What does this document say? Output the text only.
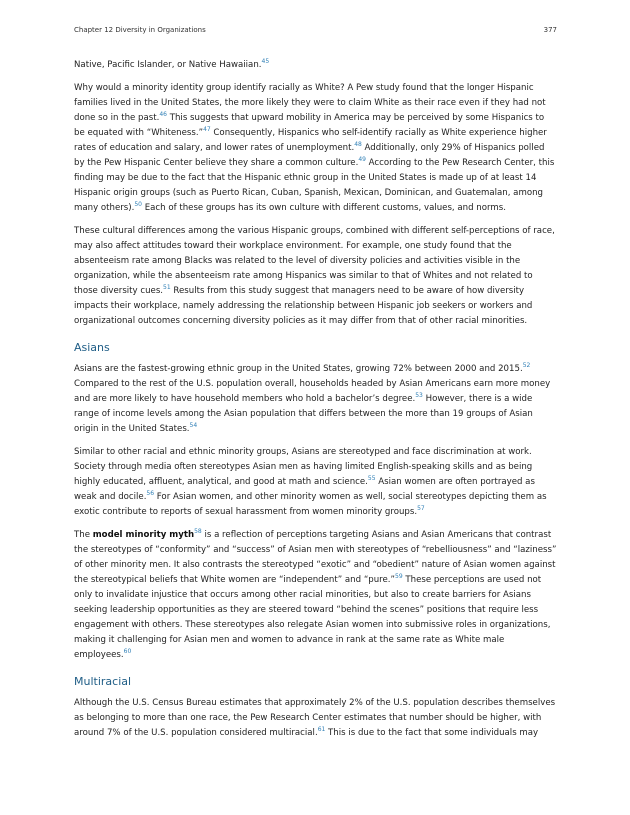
Chapter 12 Diversity in Organizations	377

Native, Pacific Islander, or Native Hawaiian.$^{45}$

Why would a minority identity group identify racially as White? A Pew study found that the longer Hispanic families lived in the United States, the more likely they were to claim White as their race even if they had not done so in the past.$^{46}$ This suggests that upward mobility in America may be perceived by some Hispanics to be equated with “Whiteness.”$^{47}$ Consequently, Hispanics who self-identify racially as White experience higher rates of education and salary, and lower rates of unemployment.$^{48}$ Additionally, only 29% of Hispanics polled by the Pew Hispanic Center believe they share a common culture.$^{49}$ According to the Pew Research Center, this finding may be due to the fact that the Hispanic ethnic group in the United States is made up of at least 14 Hispanic origin groups (such as Puerto Rican, Cuban, Spanish, Mexican, Dominican, and Guatemalan, among many others).$^{50}$ Each of these groups has its own culture with different customs, values, and norms.

These cultural differences among the various Hispanic groups, combined with different self-perceptions of race, may also affect attitudes toward their workplace environment. For example, one study found that the absenteeism rate among Blacks was related to the level of diversity policies and activities visible in the organization, while the absenteeism rate among Hispanics was similar to that of Whites and not related to those diversity cues.$^{51}$ Results from this study suggest that managers need to be aware of how diversity impacts their workplace, namely addressing the relationship between Hispanic job seekers or workers and organizational outcomes concerning diversity policies as it may differ from that of other racial minorities.

Asians

Asians are the fastest-growing ethnic group in the United States, growing 72% between 2000 and 2015.52 Compared to the rest of the U.S. population overall, households headed by Asian Americans earn more money and are more likely to have household members who hold a bachelor’s degree.$^{53}$ However, there is a wide range of income levels among the Asian population that differs between the more than 19 groups of Asian origin in the United States.$^{54}$

Similar to other racial and ethnic minority groups, Asians are stereotyped and face discrimination at work. Society through media often stereotypes Asian men as having limited English-speaking skills and as being highly educated, affluent, analytical, and good at math and science.$^{55}$ Asian women are often portrayed as weak and docile.$^{56}$ For Asian women, and other minority women as well, social stereotypes depicting them as exotic contribute to reports of sexual harassment from women minority groups.$^{57}$

The model minority myth$^{58}$ is a reflection of perceptions targeting Asians and Asian Americans that contrast the stereotypes of “conformity” and “success” of Asian men with stereotypes of “rebelliousness” and “laziness” of other minority men. It also contrasts the stereotyped “exotic” and “obedient” nature of Asian women against the stereotypical beliefs that White women are “independent” and “pure.”$^{59}$ These perceptions are used not only to invalidate injustice that occurs among other racial minorities, but also to create barriers for Asians seeking leadership opportunities as they are steered toward “behind the scenes” positions that require less engagement with others. These stereotypes also relegate Asian women into submissive roles in organizations, making it challenging for Asian men and women to advance in rank at the same rate as White male employees.$^{60}$

Multiracial

Although the U.S. Census Bureau estimates that approximately 2% of the U.S. population describes themselves as belonging to more than one race, the Pew Research Center estimates that number should be higher, with around 7% of the U.S. population considered multiracial.$^{61}$ This is due to the fact that some individuals may
